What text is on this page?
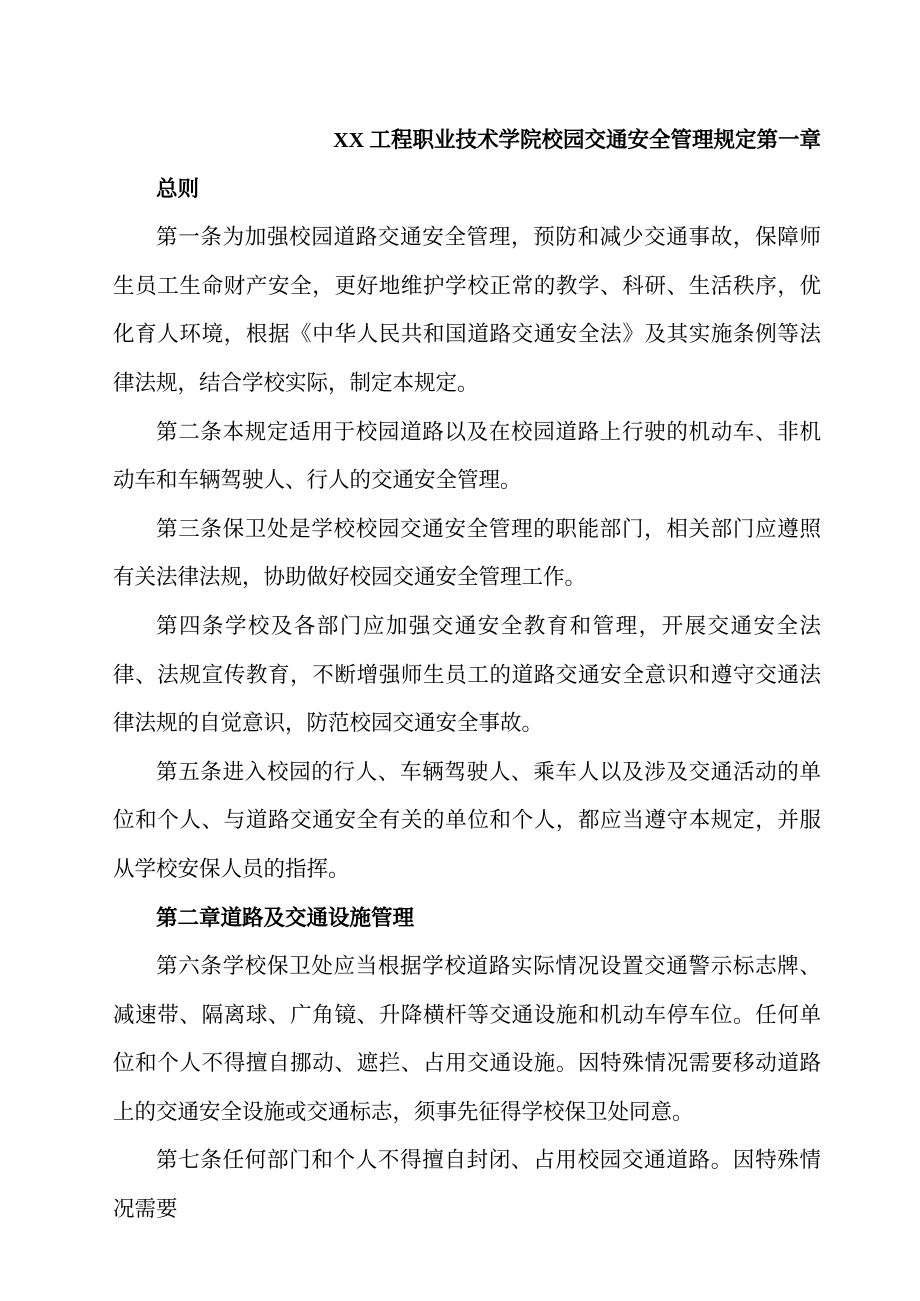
XX 工程职业技术学院校园交通安全管理规定第一章
总则

第一条为加强校园道路交通安全管理，预防和减少交通事故，保障师生员工生命财产安全，更好地维护学校正常的教学、科研、生活秩序，优化育人环境，根据《中华人民共和国道路交通安全法》及其实施条例等法律法规，结合学校实际，制定本规定。

第二条本规定适用于校园道路以及在校园道路上行驶的机动车、非机动车和车辆驾驶人、行人的交通安全管理。

第三条保卫处是学校校园交通安全管理的职能部门，相关部门应遵照有关法律法规，协助做好校园交通安全管理工作。

第四条学校及各部门应加强交通安全教育和管理，开展交通安全法律、法规宣传教育，不断增强师生员工的道路交通安全意识和遵守交通法律法规的自觉意识，防范校园交通安全事故。

第五条进入校园的行人、车辆驾驶人、乘车人以及涉及交通活动的单位和个人、与道路交通安全有关的单位和个人，都应当遵守本规定，并服从学校安保人员的指挥。

第二章道路及交通设施管理

第六条学校保卫处应当根据学校道路实际情况设置交通警示标志牌、减速带、隔离球、广角镜、升降横杆等交通设施和机动车停车位。任何单位和个人不得擅自挪动、遮拦、占用交通设施。因特殊情况需要移动道路上的交通安全设施或交通标志，须事先征得学校保卫处同意。

第七条任何部门和个人不得擅自封闭、占用校园交通道路。因特殊情况需要
